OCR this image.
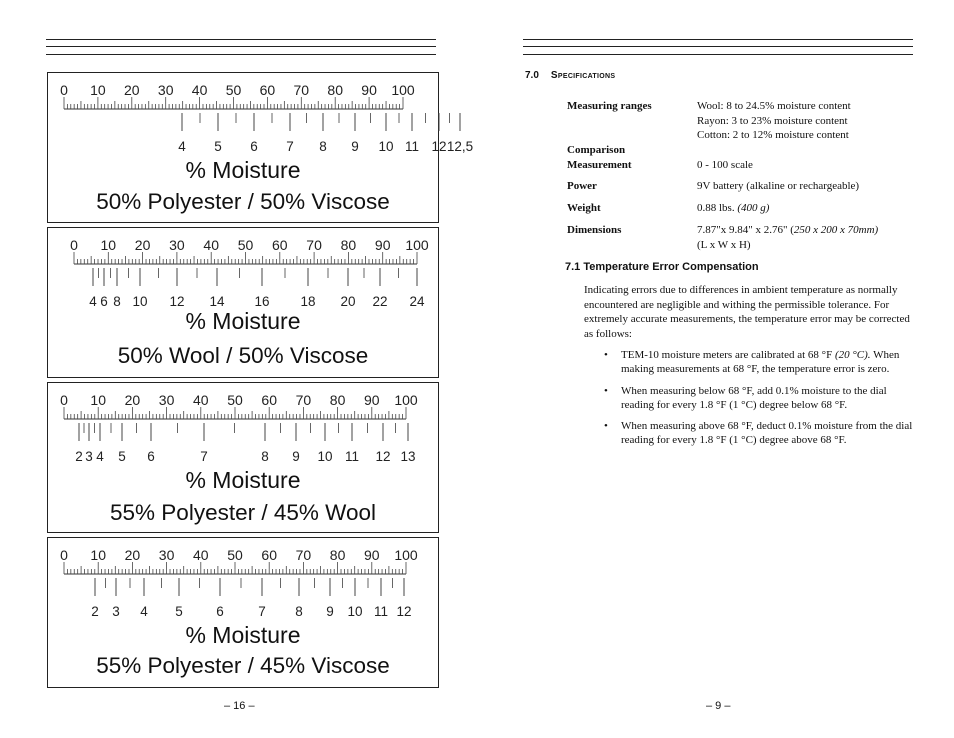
0 10 20 30 40 50 60 70 80 90 100
4 5 6 7 8 9 10 11 12 12,5
% Moisture
50% Polyester / 50% Viscose
0 10 20 30 40 50 60 70 80 90 100
4 6 8 10 12 14 16 18 20 22 24
% Moisture
50% Wool / 50% Viscose
0 10 20 30 40 50 60 70 80 90 100
2 3 4 5 6	7	8 9 10 11 12 13
% Moisture
55% Polyester / 45% Wool
0 10 20 30 40 50 60 70 80 90 100
2 3 4 5 6	7 8 9 10 11 12
% Moisture
55% Polyester / 45% Viscose
– 16 –
7.0 Specifications
Measuring ranges	Wool: 8 to 24.5% moisture content
Rayon: 3 to 23% moisture content
Cotton: 2 to 12% moisture content
Comparison
Measurement	0 - 100 scale
Power	9V battery (alkaline or rechargeable)
Weight	0.88 lbs. (400 g)
Dimensions	7.87"x 9.84" x 2.76" (250 x 200 x 70mm)
(L x W x H)
7.1 Temperature Error Compensation
Indicating errors due to differences in ambient temperature as normally encountered are negligible and withing the permissible tolerance. For extremely accurate measurements, the temperature error may be corrected as follows:
• TEM-10 moisture meters are calibrated at 68 °F (20 °C). When making measurements at 68 °F, the temperature error is zero.
• When measuring below 68 °F, add 0.1% moisture to the dial reading for every 1.8 °F (1 °C) degree below 68 °F.
• When measuring above 68 °F, deduct 0.1% moisture from the dial reading for every 1.8 °F (1 °C) degree above 68 °F.
– 9 –
